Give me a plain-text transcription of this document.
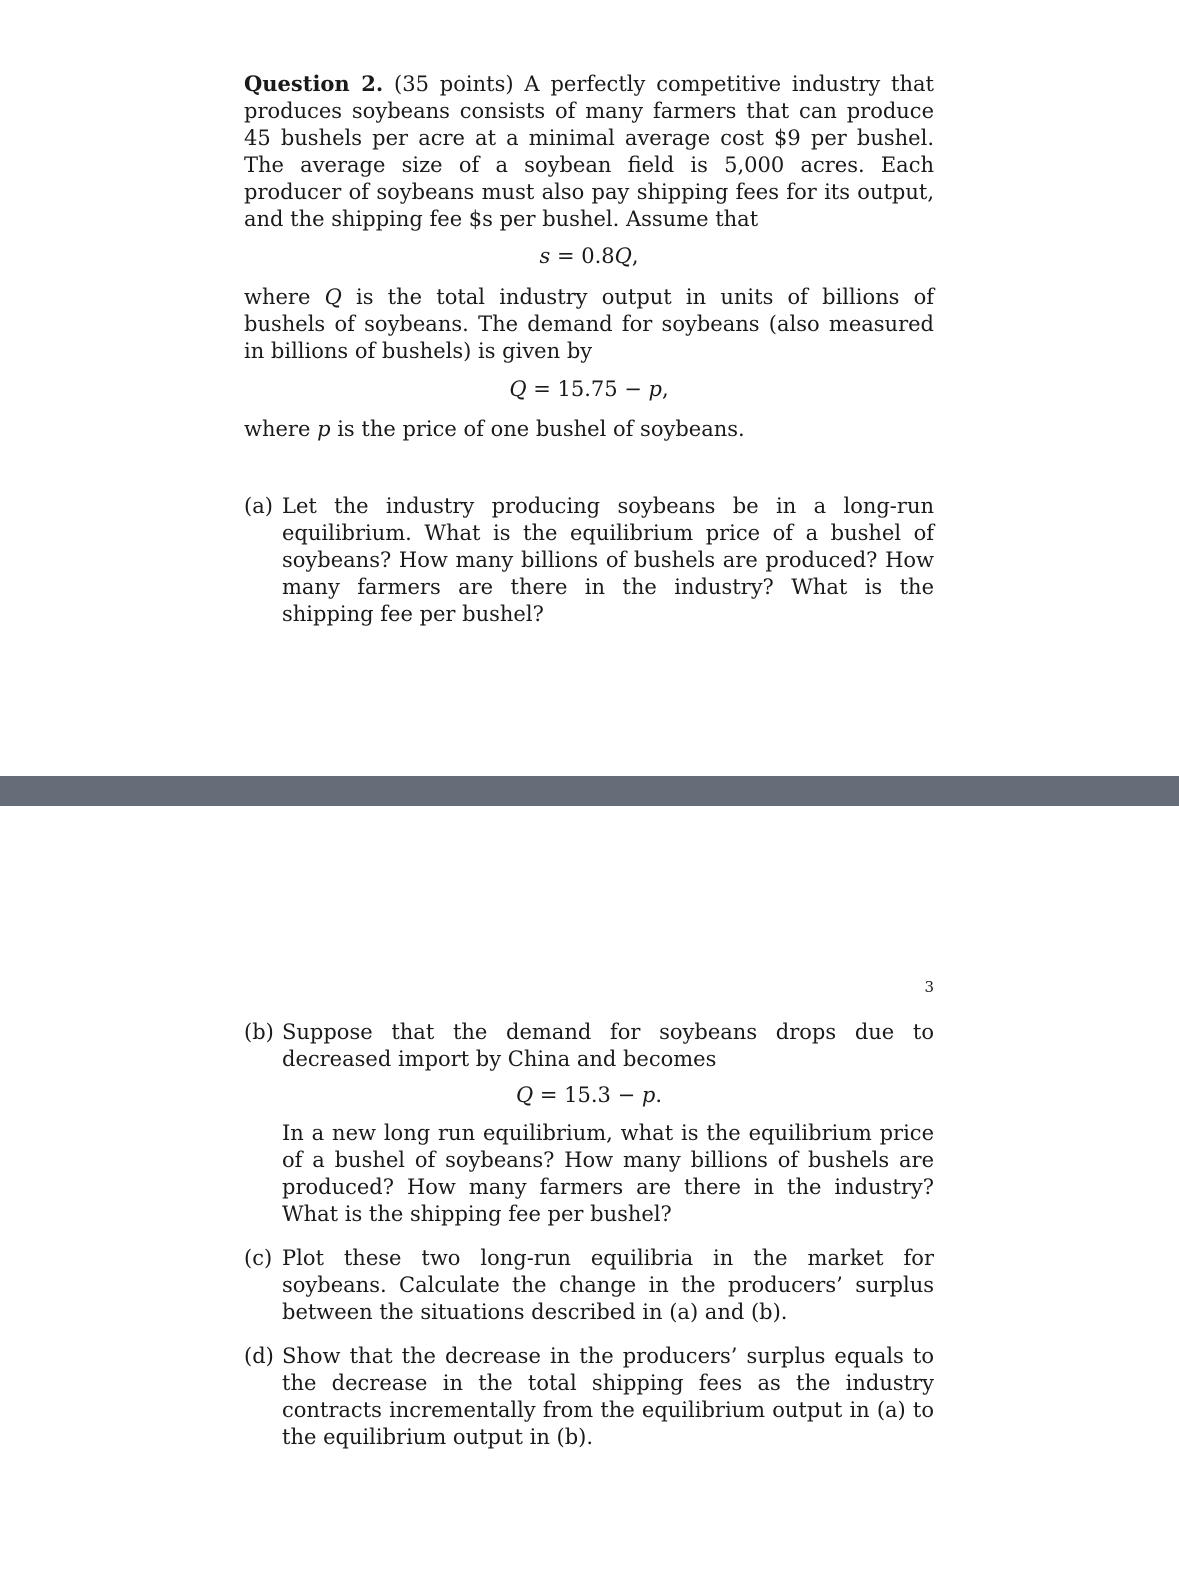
Question 2. (35 points) A perfectly competitive industry that produces soybeans consists of many farmers that can produce 45 bushels per acre at a minimal average cost $9 per bushel. The average size of a soybean field is 5,000 acres. Each producer of soybeans must also pay shipping fees for its output, and the shipping fee $s per bushel. Assume that

s = 0.8Q,

where Q is the total industry output in units of billions of bushels of soybeans. The demand for soybeans (also measured in billions of bushels) is given by

Q = 15.75 − p,

where p is the price of one bushel of soybeans.

(a) Let the industry producing soybeans be in a long-run equilibrium. What is the equilibrium price of a bushel of soybeans? How many billions of bushels are produced? How many farmers are there in the industry? What is the shipping fee per bushel?
3
(b) Suppose that the demand for soybeans drops due to decreased import by China and becomes
Q = 15.3 − p.
In a new long run equilibrium, what is the equilibrium price of a bushel of soybeans? How many billions of bushels are produced? How many farmers are there in the industry? What is the shipping fee per bushel?
(c) Plot these two long-run equilibria in the market for soybeans. Calculate the change in the producers’ surplus between the situations described in (a) and (b).
(d) Show that the decrease in the producers’ surplus equals to the decrease in the total shipping fees as the industry contracts incrementally from the equilibrium output in (a) to the equilibrium output in (b).
